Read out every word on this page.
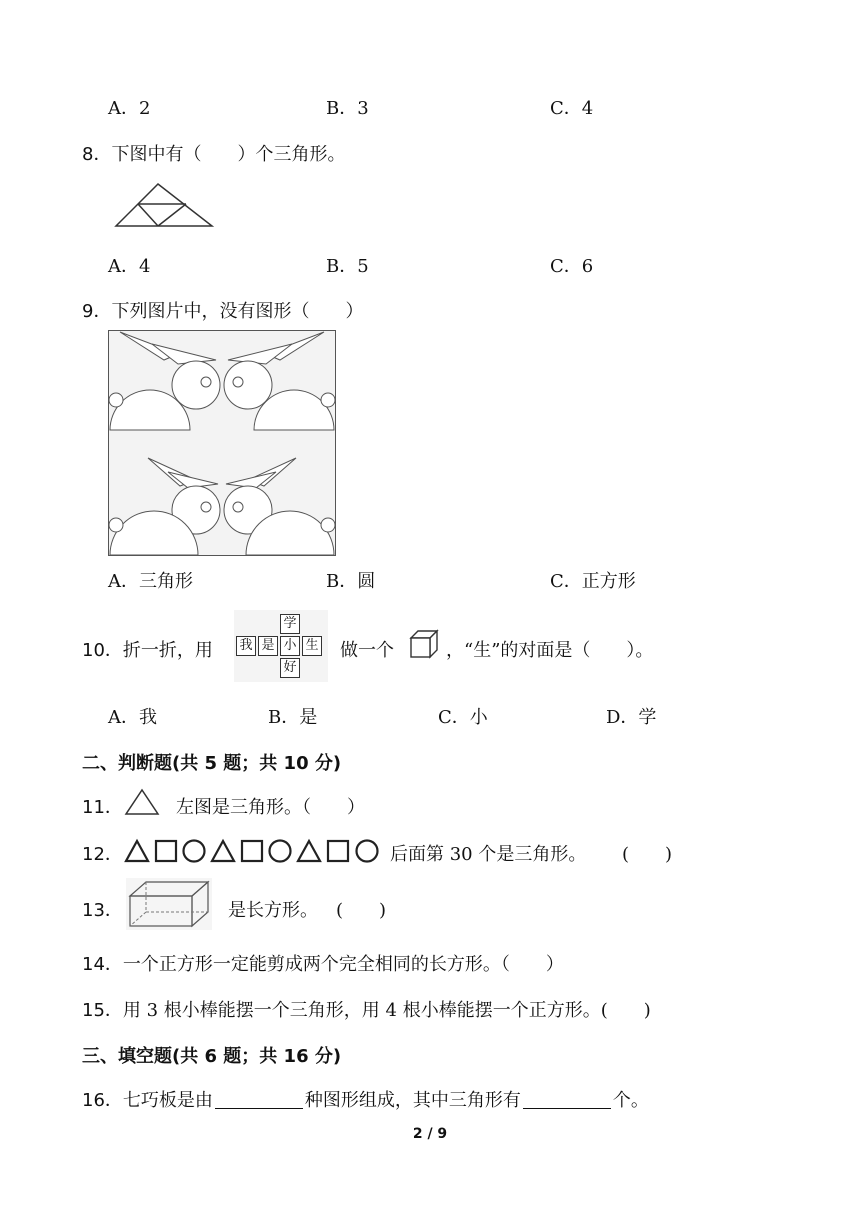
A．2	B．3	C．4
8．下图中有（　　）个三角形。
A．4	B．5	C．6
9．下列图片中，没有图形（　　）
A．三角形	B．圆	C．正方形
10．折一折，用
学
我 是 小 生
好
做一个	，“生”的对面是（　　）。
A．我	B．是	C．小	D．学
二、判断题(共 5 题；共 10 分)
11．	左图是三角形。（　　）
12．	后面第 30 个是三角形。 (　　)
13．	是长方形。 (　　)
14．一个正方形一定能剪成两个完全相同的长方形。（　　）
15．用 3 根小棒能摆一个三角形，用 4 根小棒能摆一个正方形。(　　)
三、填空题(共 6 题；共 16 分)
16．七巧板是由	种图形组成，其中三角形有	个。
2 / 9
